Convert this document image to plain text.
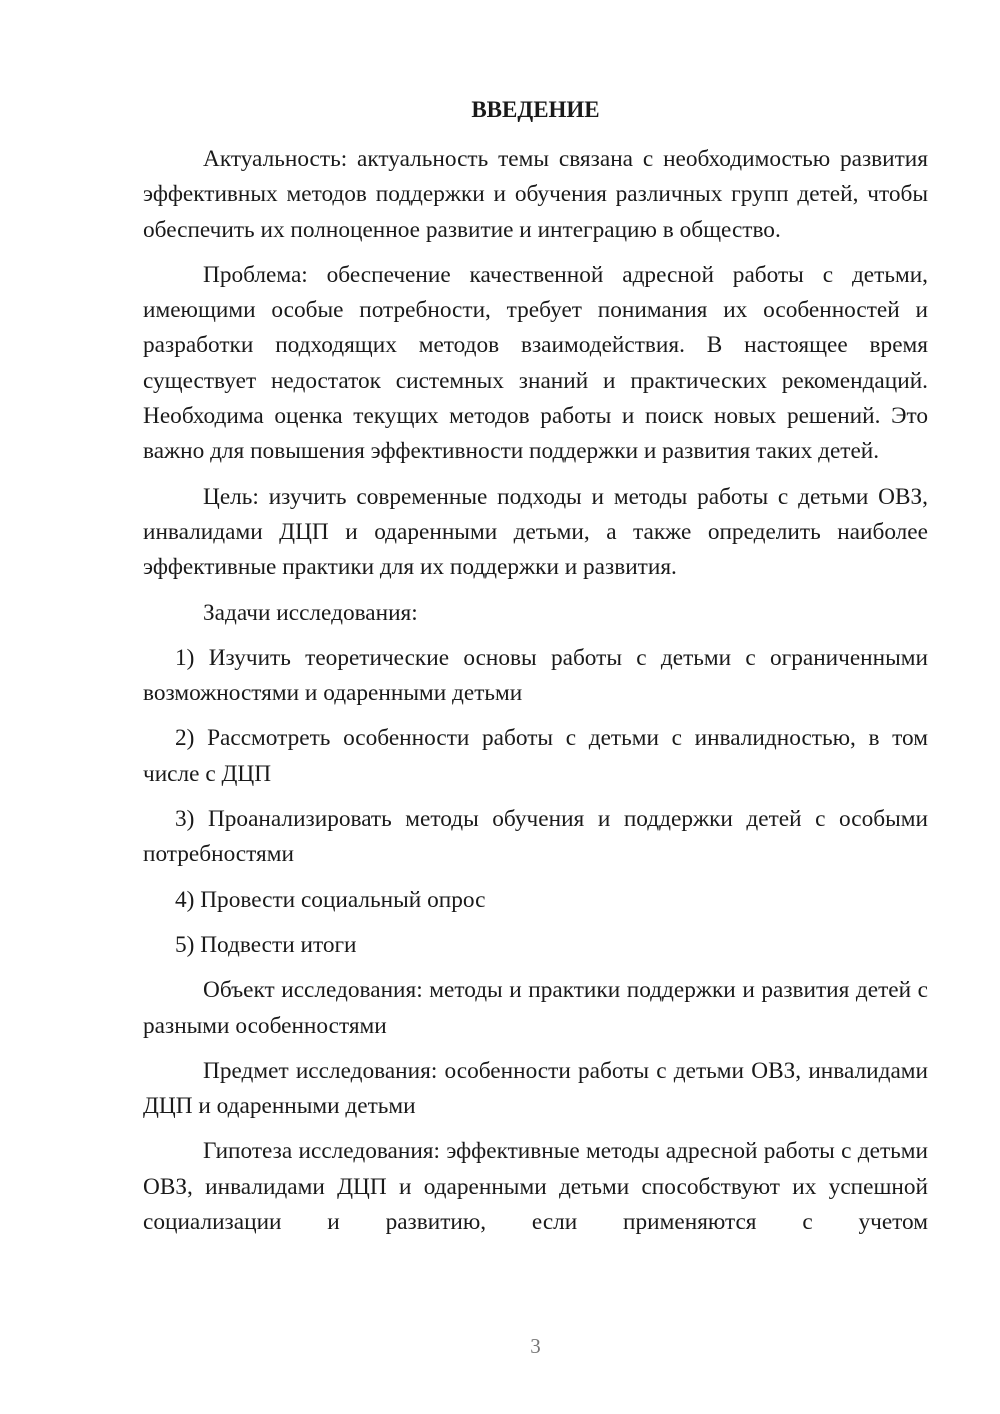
ВВЕДЕНИЕ

Актуальность: актуальность темы связана с необходимостью развития эффективных методов поддержки и обучения различных групп детей, чтобы обеспечить их полноценное развитие и интеграцию в общество.

Проблема: обеспечение качественной адресной работы с детьми, имеющими особые потребности, требует понимания их особенностей и разработки подходящих методов взаимодействия. В настоящее время существует недостаток системных знаний и практических рекомендаций. Необходима оценка текущих методов работы и поиск новых решений. Это важно для повышения эффективности поддержки и развития таких детей.

Цель: изучить современные подходы и методы работы с детьми ОВЗ, инвалидами ДЦП и одаренными детьми, а также определить наиболее эффективные практики для их поддержки и развития.

Задачи исследования:

1) Изучить теоретические основы работы с детьми с ограниченными возможностями и одаренными детьми

2) Рассмотреть особенности работы с детьми с инвалидностью, в том числе с ДЦП

3) Проанализировать методы обучения и поддержки детей с особыми потребностями

4) Провести социальный опрос

5) Подвести итоги

Объект исследования: методы и практики поддержки и развития детей с разными особенностями

Предмет исследования: особенности работы с детьми ОВЗ, инвалидами ДЦП и одаренными детьми

Гипотеза исследования: эффективные методы адресной работы с детьми ОВЗ, инвалидами ДЦП и одаренными детьми способствуют их успешной социализации и развитию, если применяются с учетом

3
